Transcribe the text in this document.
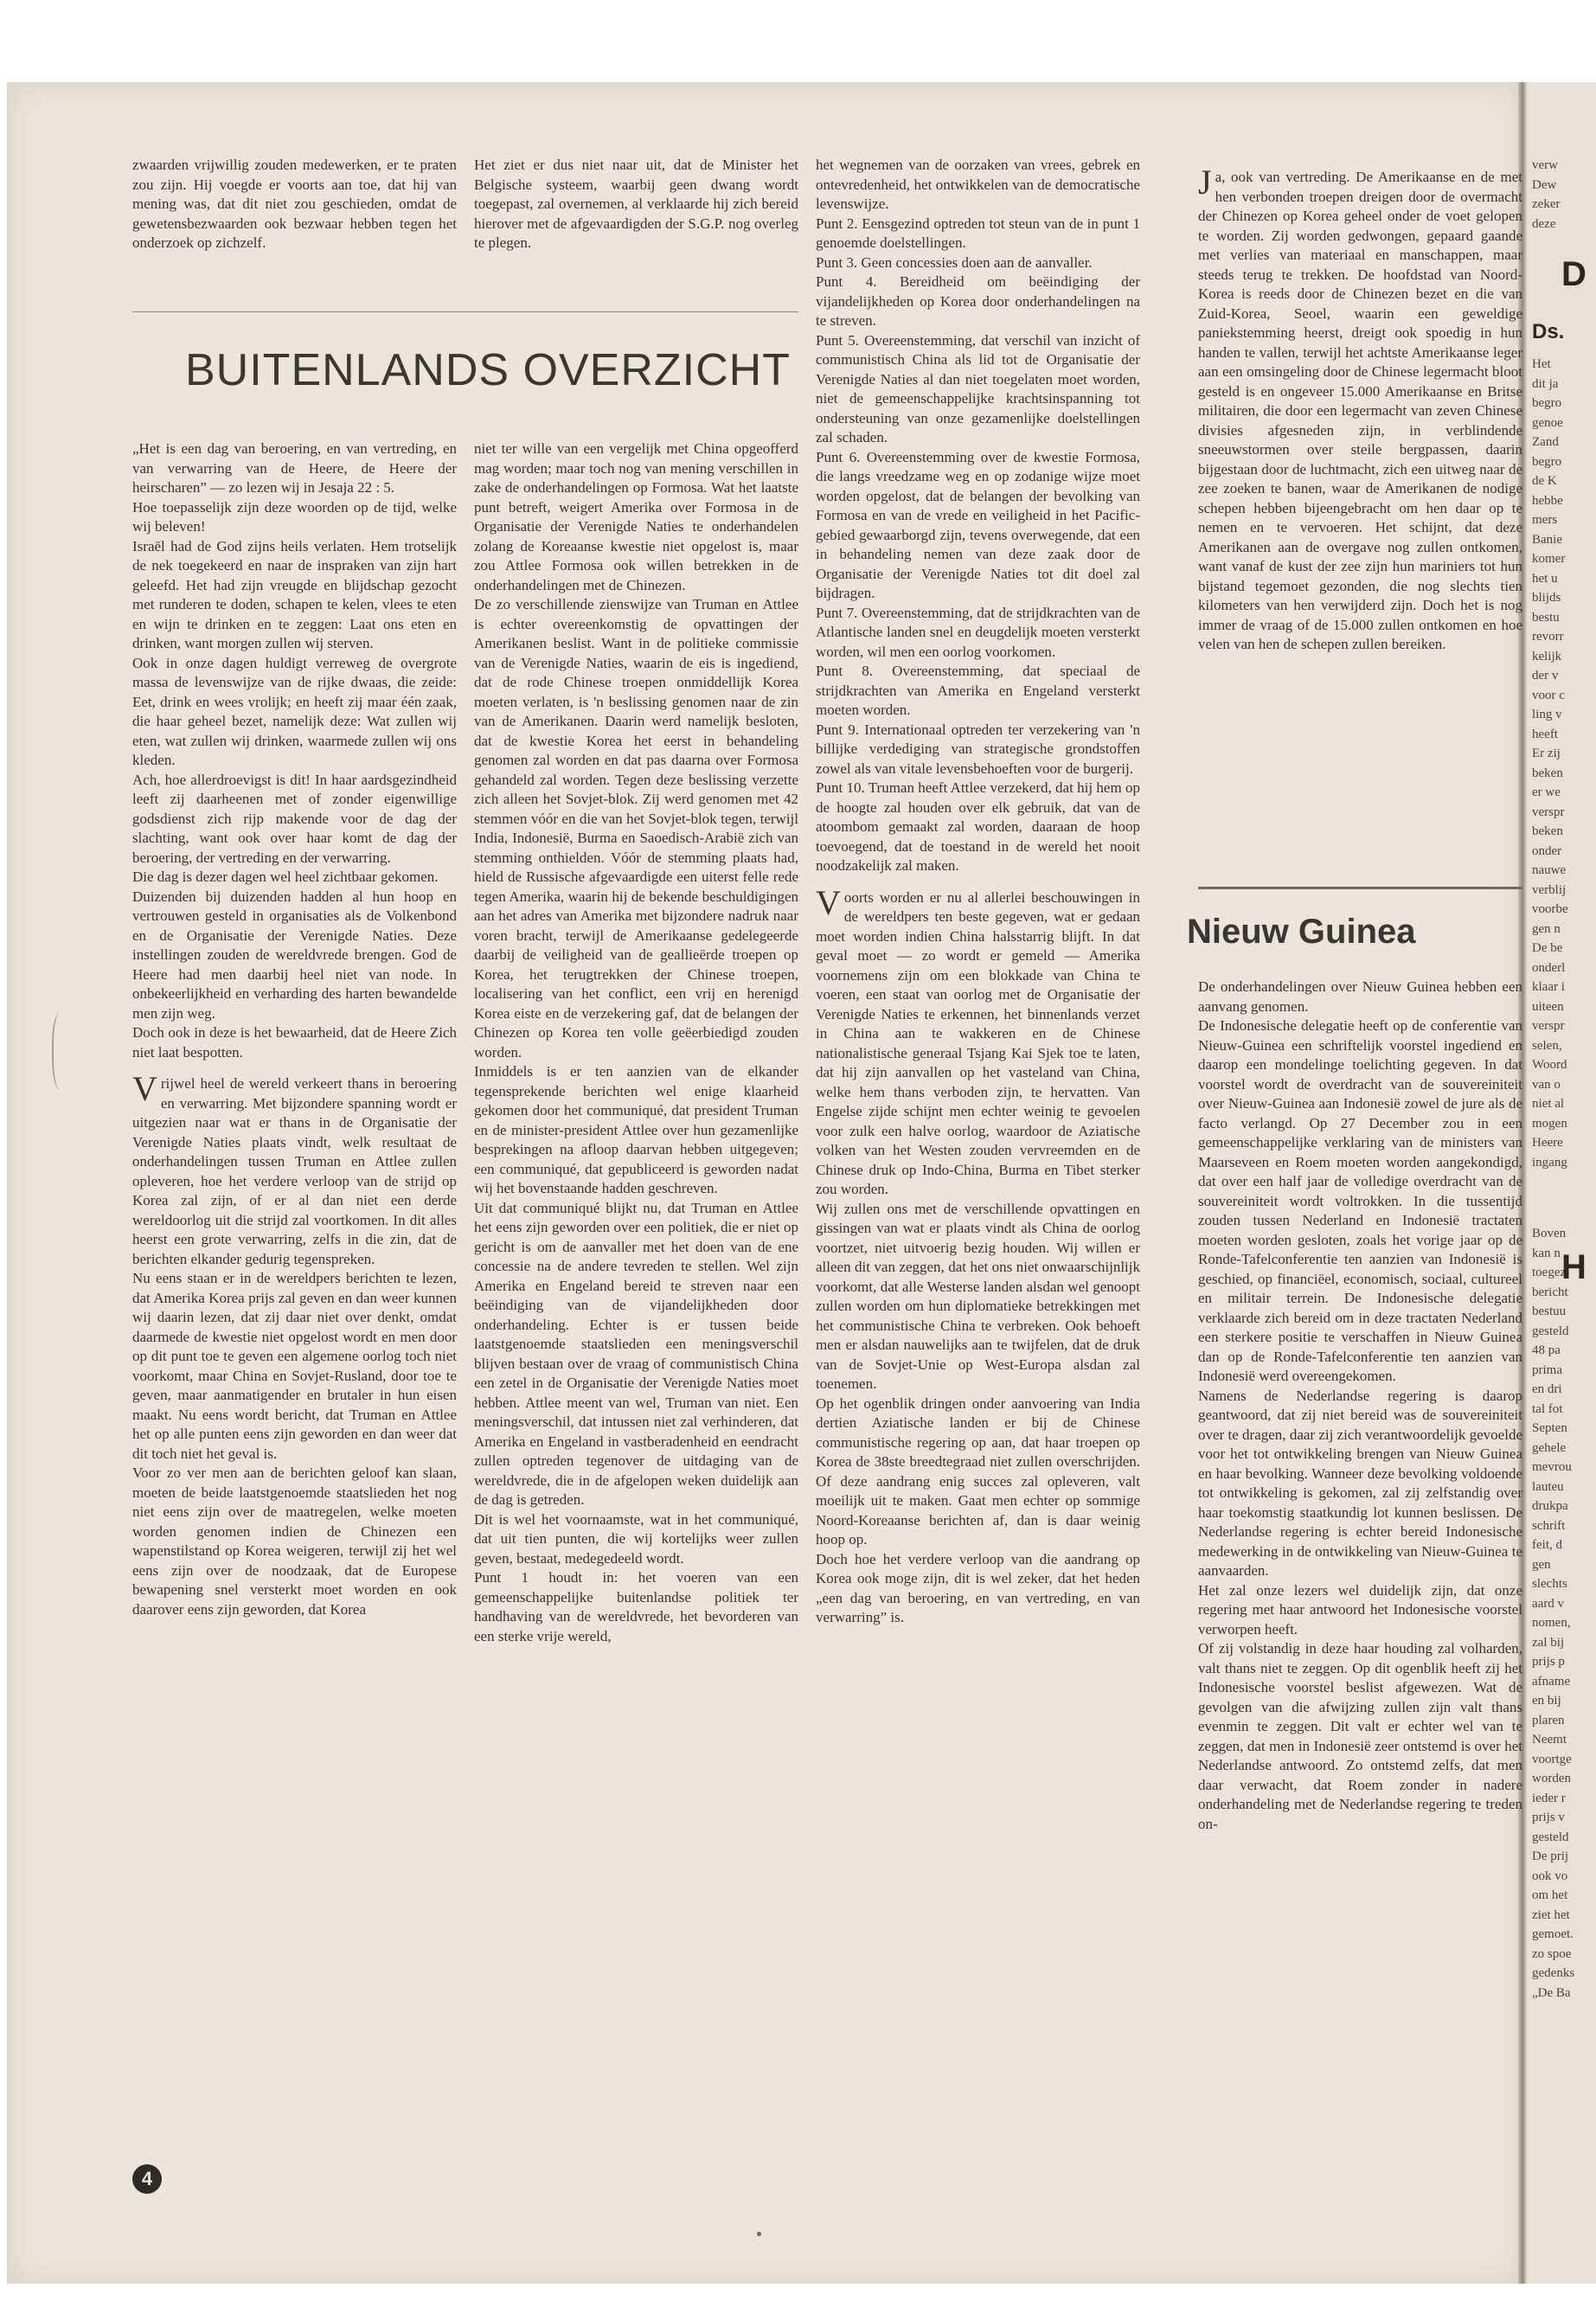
zwaarden vrijwillig zouden medewerken, er te praten zou zijn. Hij voegde er voorts aan toe, dat hij van mening was, dat dit niet zou geschieden, omdat de gewetensbezwaarden ook bezwaar hebben tegen het onderzoek op zichzelf.

Het ziet er dus niet naar uit, dat de Minister het Belgische systeem, waarbij geen dwang wordt toegepast, zal overnemen, al verklaarde hij zich bereid hierover met de afgevaardigden der S.G.P. nog overleg te plegen.

BUITENLANDS OVERZICHT

„Het is een dag van beroering, en van vertreding, en van verwarring van de Heere, de Heere der heirscharen” — zo lezen wij in Jesaja 22 : 5.

Hoe toepasselijk zijn deze woorden op de tijd, welke wij beleven!

Israël had de God zijns heils verlaten. Hem trotselijk de nek toegekeerd en naar de inspraken van zijn hart geleefd. Het had zijn vreugde en blijdschap gezocht met runderen te doden, schapen te kelen, vlees te eten en wijn te drinken en te zeggen: Laat ons eten en drinken, want morgen zullen wij sterven.

Ook in onze dagen huldigt verreweg de overgrote massa de levenswijze van de rijke dwaas, die zeide: Eet, drink en wees vrolijk; en heeft zij maar één zaak, die haar geheel bezet, namelijk deze: Wat zullen wij eten, wat zullen wij drinken, waarmede zullen wij ons kleden.

Ach, hoe allerdroevigst is dit! In haar aardsgezindheid leeft zij daarheenen met of zonder eigenwillige godsdienst zich rijp makende voor de dag der slachting, want ook over haar komt de dag der beroering, der vertreding en der verwarring.

Die dag is dezer dagen wel heel zichtbaar gekomen.

Duizenden bij duizenden hadden al hun hoop en vertrouwen gesteld in organisaties als de Volkenbond en de Organisatie der Verenigde Naties. Deze instellingen zouden de wereldvrede brengen. God de Heere had men daarbij heel niet van node. In onbekeerlijkheid en verharding des harten bewandelde men zijn weg.

Doch ook in deze is het bewaarheid, dat de Heere Zich niet laat bespotten.

Vrijwel heel de wereld verkeert thans in beroering en verwarring. Met bijzondere spanning wordt er uitgezien naar wat er thans in de Organisatie der Verenigde Naties plaats vindt, welk resultaat de onderhandelingen tussen Truman en Attlee zullen opleveren, hoe het verdere verloop van de strijd op Korea zal zijn, of er al dan niet een derde wereldoorlog uit die strijd zal voortkomen. In dit alles heerst een grote verwarring, zelfs in die zin, dat de berichten elkander gedurig tegenspreken.

Nu eens staan er in de wereldpers berichten te lezen, dat Amerika Korea prijs zal geven en dan weer kunnen wij daarin lezen, dat zij daar niet over denkt, omdat daarmede de kwestie niet opgelost wordt en men door op dit punt toe te geven een algemene oorlog toch niet voorkomt, maar China en Sovjet-Rusland, door toe te geven, maar aanmatigender en brutaler in hun eisen maakt. Nu eens wordt bericht, dat Truman en Attlee het op alle punten eens zijn geworden en dan weer dat dit toch niet het geval is.

Voor zo ver men aan de berichten geloof kan slaan, moeten de beide laatstgenoemde staatslieden het nog niet eens zijn over de maatregelen, welke moeten worden genomen indien de Chinezen een wapenstilstand op Korea weigeren, terwijl zij het wel eens zijn over de noodzaak, dat de Europese bewapening snel versterkt moet worden en ook daarover eens zijn geworden, dat Korea

niet ter wille van een vergelijk met China opgeofferd mag worden; maar toch nog van mening verschillen in zake de onderhandelingen op Formosa. Wat het laatste punt betreft, weigert Amerika over Formosa in de Organisatie der Verenigde Naties te onderhandelen zolang de Koreaanse kwestie niet opgelost is, maar zou Attlee Formosa ook willen betrekken in de onderhandelingen met de Chinezen.

De zo verschillende zienswijze van Truman en Attlee is echter overeenkomstig de opvattingen der Amerikanen beslist. Want in de politieke commissie van de Verenigde Naties, waarin de eis is ingediend, dat de rode Chinese troepen onmiddellijk Korea moeten verlaten, is 'n beslissing genomen naar de zin van de Amerikanen. Daarin werd namelijk besloten, dat de kwestie Korea het eerst in behandeling genomen zal worden en dat pas daarna over Formosa gehandeld zal worden. Tegen deze beslissing verzette zich alleen het Sovjet-blok. Zij werd genomen met 42 stemmen vóór en die van het Sovjet-blok tegen, terwijl India, Indonesië, Burma en Saoedisch-Arabië zich van stemming onthielden. Vóór de stemming plaats had, hield de Russische afgevaardigde een uiterst felle rede tegen Amerika, waarin hij de bekende beschuldigingen aan het adres van Amerika met bijzondere nadruk naar voren bracht, terwijl de Amerikaanse gedelegeerde daarbij de veiligheid van de geallieërde troepen op Korea, het terugtrekken der Chinese troepen, localisering van het conflict, een vrij en herenigd Korea eiste en de verzekering gaf, dat de belangen der Chinezen op Korea ten volle geëerbiedigd zouden worden.

Inmiddels is er ten aanzien van de elkander tegensprekende berichten wel enige klaarheid gekomen door het communiqué, dat president Truman en de minister-president Attlee over hun gezamenlijke besprekingen na afloop daarvan hebben uitgegeven; een communiqué, dat gepubliceerd is geworden nadat wij het bovenstaande hadden geschreven.

Uit dat communiqué blijkt nu, dat Truman en Attlee het eens zijn geworden over een politiek, die er niet op gericht is om de aanvaller met het doen van de ene concessie na de andere tevreden te stellen. Wel zijn Amerika en Engeland bereid te streven naar een beëindiging van de vijandelijkheden door onderhandeling. Echter is er tussen beide laatstgenoemde staatslieden een meningsverschil blijven bestaan over de vraag of communistisch China een zetel in de Organisatie der Verenigde Naties moet hebben. Attlee meent van wel, Truman van niet. Een meningsverschil, dat intussen niet zal verhinderen, dat Amerika en Engeland in vastberadenheid en eendracht zullen optreden tegenover de uitdaging van de wereldvrede, die in de afgelopen weken duidelijk aan de dag is getreden.

Dit is wel het voornaamste, wat in het communiqué, dat uit tien punten, die wij kortelijks weer zullen geven, bestaat, medegedeeld wordt.

Punt 1 houdt in: het voeren van een gemeenschappelijke buitenlandse politiek ter handhaving van de wereldvrede, het bevorderen van een sterke vrije wereld,

het wegnemen van de oorzaken van vrees, gebrek en ontevredenheid, het ontwikkelen van de democratische levenswijze.

Punt 2. Eensgezind optreden tot steun van de in punt 1 genoemde doelstellingen.

Punt 3. Geen concessies doen aan de aanvaller.

Punt 4. Bereidheid om beëindiging der vijandelijkheden op Korea door onderhandelingen na te streven.

Punt 5. Overeenstemming, dat verschil van inzicht of communistisch China als lid tot de Organisatie der Verenigde Naties al dan niet toegelaten moet worden, niet de gemeenschappelijke krachtsinspanning tot ondersteuning van onze gezamenlijke doelstellingen zal schaden.

Punt 6. Overeenstemming over de kwestie Formosa, die langs vreedzame weg en op zodanige wijze moet worden opgelost, dat de belangen der bevolking van Formosa en van de vrede en veiligheid in het Pacific-gebied gewaarborgd zijn, tevens overwegende, dat een in behandeling nemen van deze zaak door de Organisatie der Verenigde Naties tot dit doel zal bijdragen.

Punt 7. Overeenstemming, dat de strijdkrachten van de Atlantische landen snel en deugdelijk moeten versterkt worden, wil men een oorlog voorkomen.

Punt 8. Overeenstemming, dat speciaal de strijdkrachten van Amerika en Engeland versterkt moeten worden.

Punt 9. Internationaal optreden ter verzekering van 'n billijke verdediging van strategische grondstoffen zowel als van vitale levensbehoeften voor de burgerij.

Punt 10. Truman heeft Attlee verzekerd, dat hij hem op de hoogte zal houden over elk gebruik, dat van de atoombom gemaakt zal worden, daaraan de hoop toevoegend, dat de toestand in de wereld het nooit noodzakelijk zal maken.

Voorts worden er nu al allerlei beschouwingen in de wereldpers ten beste gegeven, wat er gedaan moet worden indien China halsstarrig blijft. In dat geval moet — zo wordt er gemeld — Amerika voornemens zijn om een blokkade van China te voeren, een staat van oorlog met de Organisatie der Verenigde Naties te erkennen, het binnenlands verzet in China aan te wakkeren en de Chinese nationalistische generaal Tsjang Kai Sjek toe te laten, dat hij zijn aanvallen op het vasteland van China, welke hem thans verboden zijn, te hervatten. Van Engelse zijde schijnt men echter weinig te gevoelen voor zulk een halve oorlog, waardoor de Aziatische volken van het Westen zouden vervreemden en de Chinese druk op Indo-China, Burma en Tibet sterker zou worden.

Wij zullen ons met de verschillende opvattingen en gissingen van wat er plaats vindt als China de oorlog voortzet, niet uitvoerig bezig houden. Wij willen er alleen dit van zeggen, dat het ons niet onwaarschijnlijk voorkomt, dat alle Westerse landen alsdan wel genoopt zullen worden om hun diplomatieke betrekkingen met het communistische China te verbreken. Ook behoeft men er alsdan nauwelijks aan te twijfelen, dat de druk van de Sovjet-Unie op West-Europa alsdan zal toenemen.

Op het ogenblik dringen onder aanvoering van India dertien Aziatische landen er bij de Chinese communistische regering op aan, dat haar troepen op Korea de 38ste breedtegraad niet zullen overschrijden. Of deze aandrang enig succes zal opleveren, valt moeilijk uit te maken. Gaat men echter op sommige Noord-Koreaanse berichten af, dan is daar weinig hoop op.

Doch hoe het verdere verloop van die aandrang op Korea ook moge zijn, dit is wel zeker, dat het heden „een dag van beroering, en van vertreding, en van verwarring” is.

Ja, ook van vertreding. De Amerikaanse en de met hen verbonden troepen dreigen door de overmacht der Chinezen op Korea geheel onder de voet gelopen te worden. Zij worden gedwongen, gepaard gaande met verlies van materiaal en manschappen, maar steeds terug te trekken. De hoofdstad van Noord-Korea is reeds door de Chinezen bezet en die van Zuid-Korea, Seoel, waarin een geweldige paniekstemming heerst, dreigt ook spoedig in hun handen te vallen, terwijl het achtste Amerikaanse leger aan een omsingeling door de Chinese legermacht bloot gesteld is en ongeveer 15.000 Amerikaanse en Britse militairen, die door een legermacht van zeven Chinese divisies afgesneden zijn, in verblindende sneeuwstormen over steile bergpassen, daarin bijgestaan door de luchtmacht, zich een uitweg naar de zee zoeken te banen, waar de Amerikanen de nodige schepen hebben bijeengebracht om hen daar op te nemen en te vervoeren. Het schijnt, dat deze Amerikanen aan de overgave nog zullen ontkomen, want vanaf de kust der zee zijn hun mariniers tot hun bijstand tegemoet gezonden, die nog slechts tien kilometers van hen verwijderd zijn. Doch het is nog immer de vraag of de 15.000 zullen ontkomen en hoe velen van hen de schepen zullen bereiken.

Nieuw Guinea

De onderhandelingen over Nieuw Guinea hebben een aanvang genomen.

De Indonesische delegatie heeft op de conferentie van Nieuw-Guinea een schriftelijk voorstel ingediend en daarop een mondelinge toelichting gegeven. In dat voorstel wordt de overdracht van de souvereiniteit over Nieuw-Guinea aan Indonesië zowel de jure als de facto verlangd. Op 27 December zou in een gemeenschappelijke verklaring van de ministers van Maarseveen en Roem moeten worden aangekondigd, dat over een half jaar de volledige overdracht van de souvereiniteit wordt voltrokken. In die tussentijd zouden tussen Nederland en Indonesië tractaten moeten worden gesloten, zoals het vorige jaar op de Ronde-Tafelconferentie ten aanzien van Indonesië is geschied, op financiëel, economisch, sociaal, cultureel en militair terrein. De Indonesische delegatie verklaarde zich bereid om in deze tractaten Nederland een sterkere positie te verschaffen in Nieuw Guinea dan op de Ronde-Tafelconferentie ten aanzien van Indonesië werd overeengekomen.

Namens de Nederlandse regering is daarop geantwoord, dat zij niet bereid was de souvereiniteit over te dragen, daar zij zich verantwoordelijk gevoelde voor het tot ontwikkeling brengen van Nieuw Guinea en haar bevolking. Wanneer deze bevolking voldoende tot ontwikkeling is gekomen, zal zij zelfstandig over haar toekomstig staatkundig lot kunnen beslissen. De Nederlandse regering is echter bereid Indonesische medewerking in de ontwikkeling van Nieuw-Guinea te aanvaarden.

Het zal onze lezers wel duidelijk zijn, dat onze regering met haar antwoord het Indonesische voorstel verworpen heeft.

Of zij volstandig in deze haar houding zal volharden, valt thans niet te zeggen. Op dit ogenblik heeft zij het Indonesische voorstel beslist afgewezen. Wat de gevolgen van die afwijzing zullen zijn valt thans evenmin te zeggen. Dit valt er echter wel van te zeggen, dat men in Indonesië zeer ontstemd is over het Nederlandse antwoord. Zo ontstemd zelfs, dat men daar verwacht, dat Roem zonder in nadere onderhandeling met de Nederlandse regering te treden on-

4
verw
Dew
zeker
deze
Ds.
Het
dit ja
begro
genoe
Zand
begro
de K
hebbe
mers
Banie
komer
het u
blijds
bestu
revorr
kelijk
der v
voor c
ling v
heeft
Er zij
beken
er we
verspr
beken
onder
nauwe
verblij
voorbe
gen n
De be
onderl
klaar i
uiteen
verspr
selen,
Woord
van o
niet al
mogen
Heere
ingang
Boven
kan n
toegez
bericht
bestuu
gesteld
48 pa
prima
en dri
tal fot
Septen
gehele
mevrou
lauteu
drukpa
schrift
feit, d
gen
slechts
aard v
nomen,
zal bij
prijs p
afname
en bij
plaren
Neemt
voortge
worden
ieder r
prijs v
gesteld
De prij
ook vo
om het
ziet het
gemoet.
zo spoe
gedenks
„De Ba
D
H
